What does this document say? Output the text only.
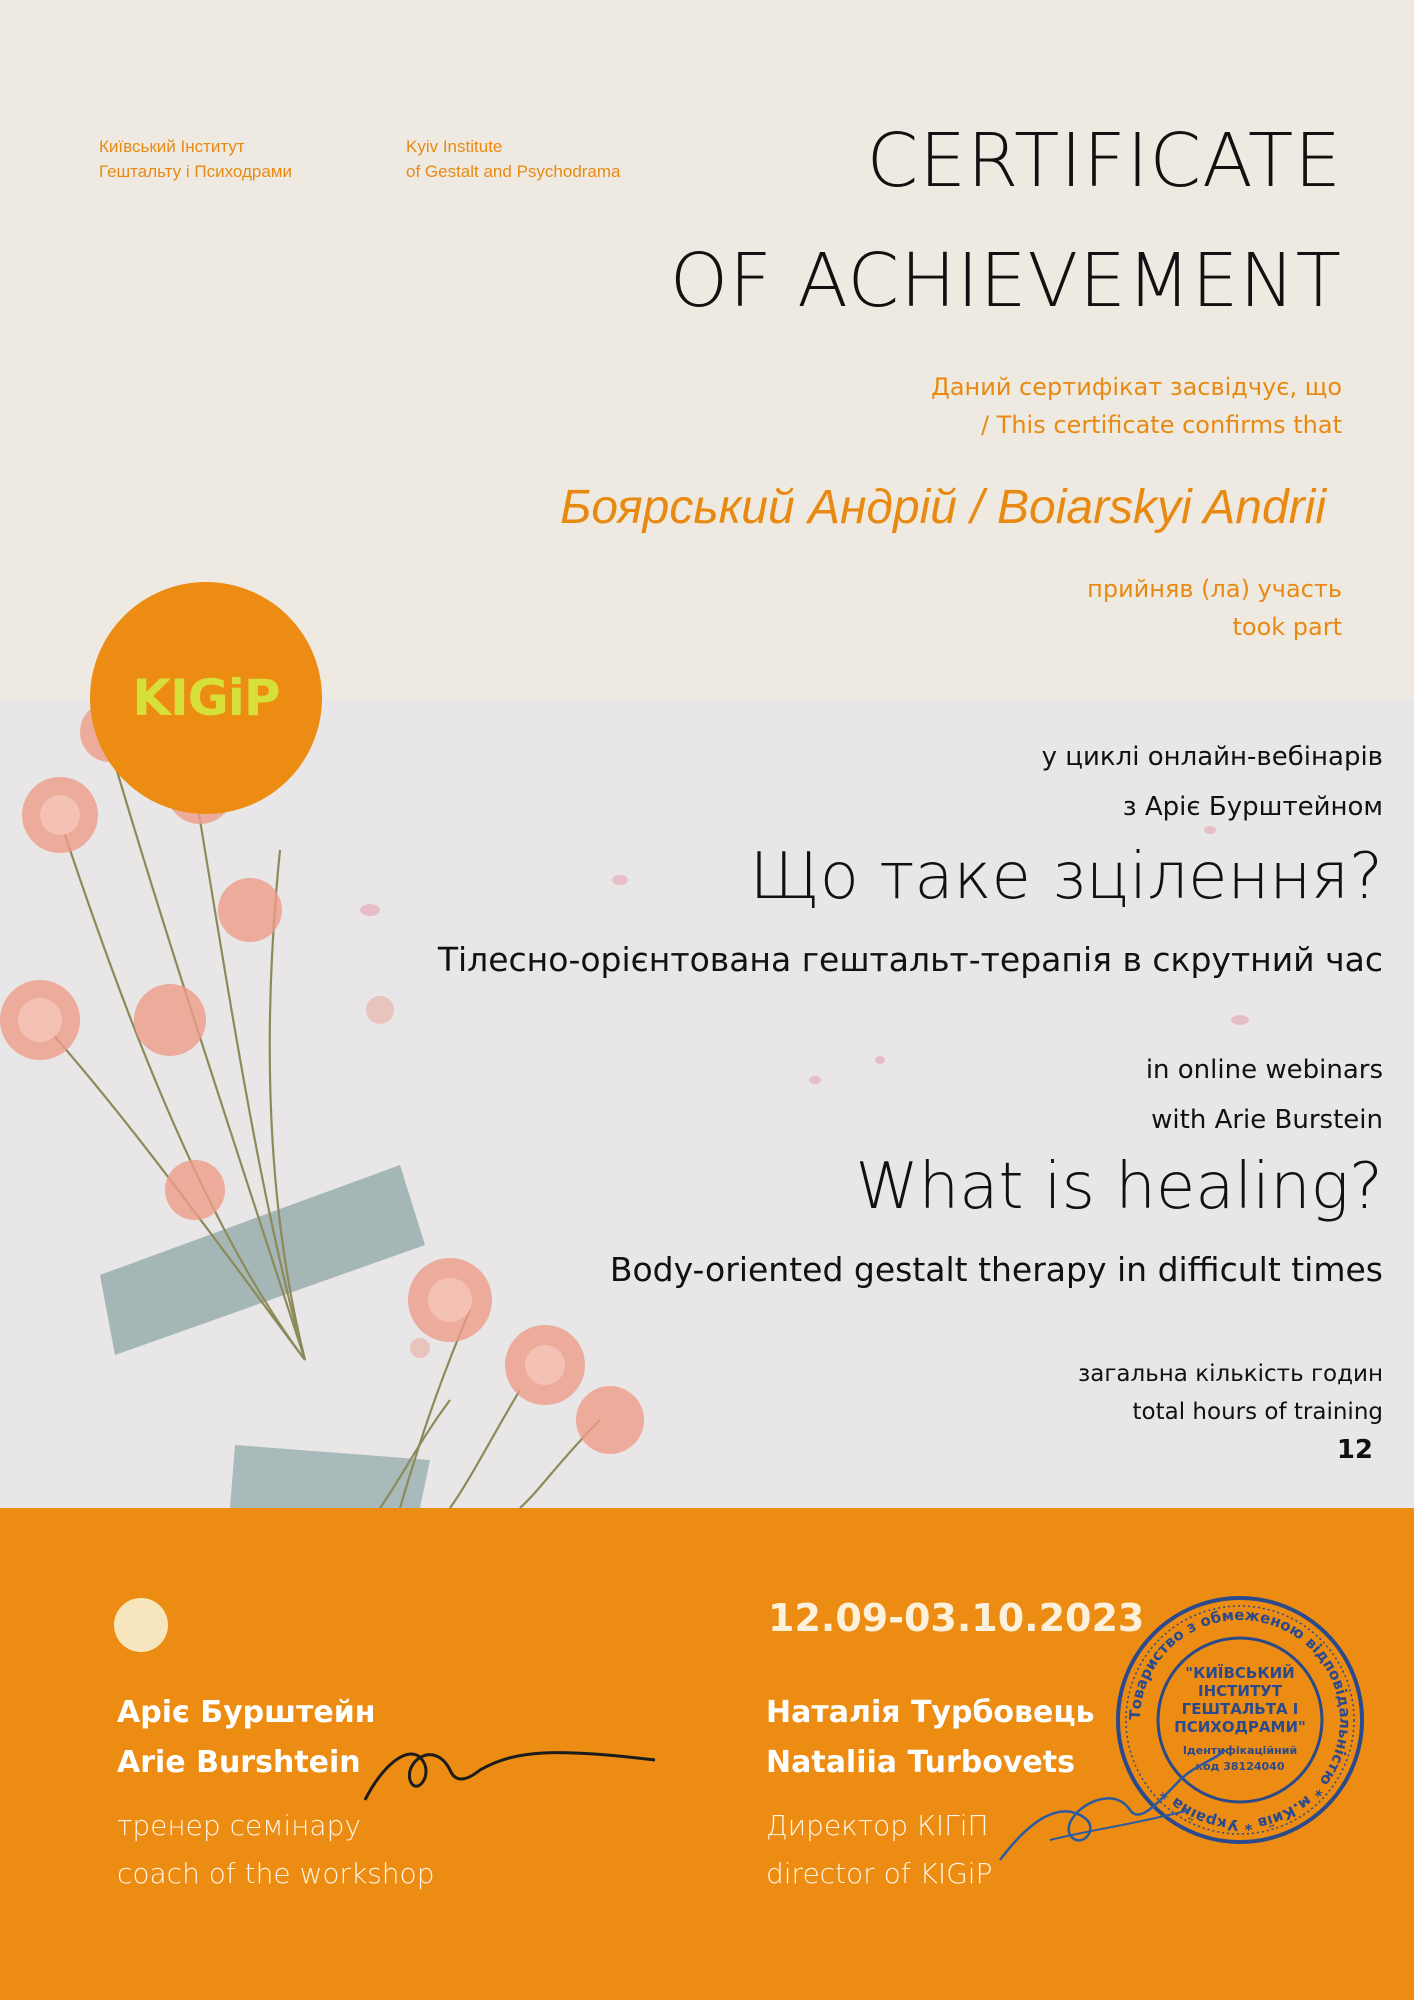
Київський Інститут
Гештальту і Психодрами
Kyiv Institute
of Gestalt and Psychodrama	CERTIFICATE
OF ACHIEVEMENT
Даний сертифікат засвідчує, що
/ This certificate confirms that
Боярський Андрій / Boiarskyi Andrii
прийняв (ла) участь
took part
KIGiP
у циклі онлайн-вебінарів
з Аріє Бурштейном
Що таке зцілення?
Тілесно-орієнтована гештальт-терапія в скрутний час
in online webinars
with Arie Burstein
What is healing?
Body-oriented gestalt therapy in difficult times
загальна кількість годин
total hours of training
12
12.09-03.10.2023
Аріє Бурштейн
Arie Burshtein
тренер семінару
coach of the workshop
Наталія Турбовець
Nataliia Turbovets
Директор КІГіП
director of KIGiP
Товариство з обмеженою відповідальністю * м.Київ * Україна *
"КИЇВСЬКИЙ
ІНСТИТУТ
ГЕШТАЛЬТА І
ПСИХОДРАМИ"
Ідентифікаційний
код 38124040
